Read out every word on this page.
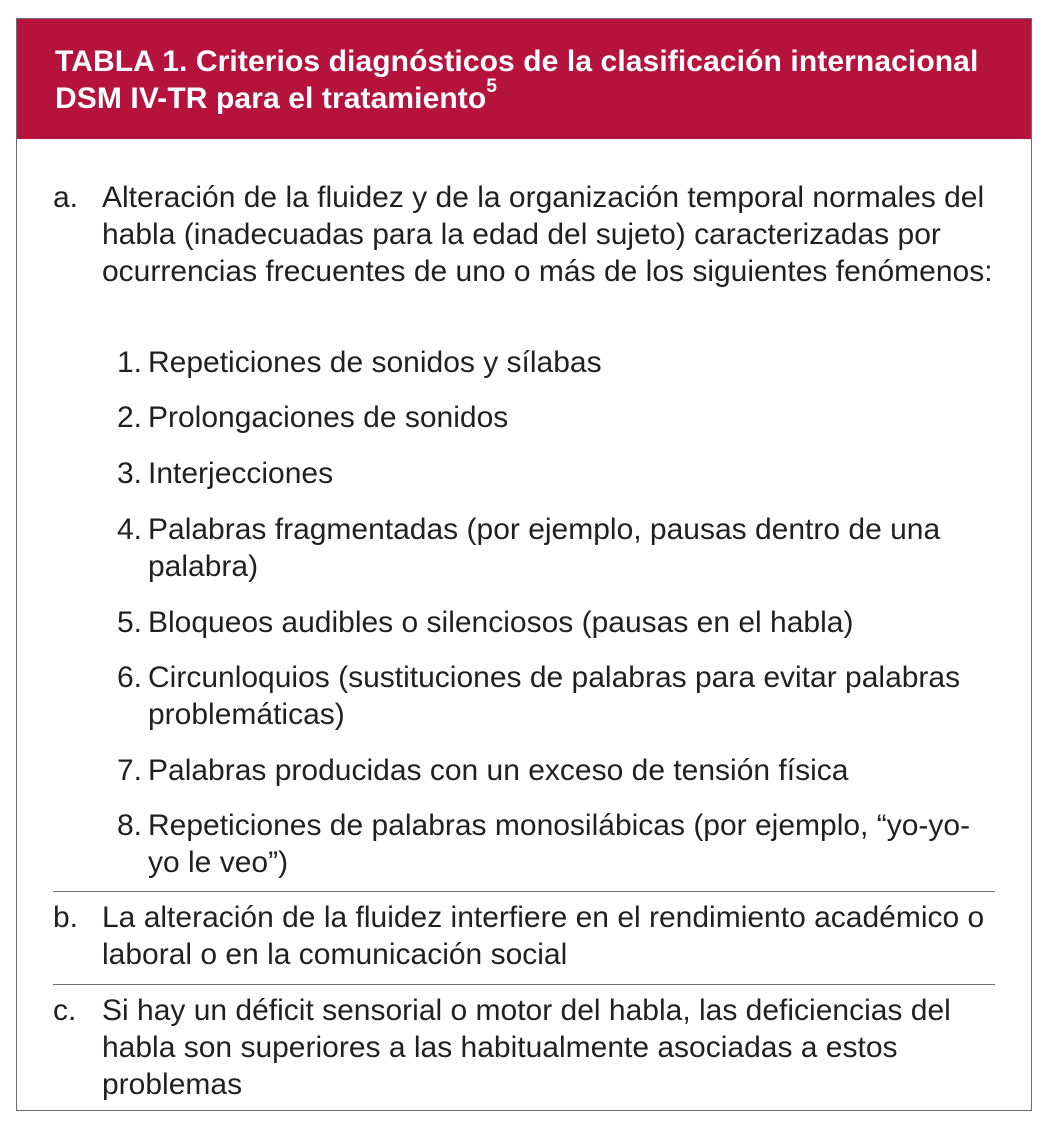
TABLA 1. Criterios diagnósticos de la clasificación internacional
DSM IV-TR para el tratamiento$^5$
a. Alteración de la fluidez y de la organización temporal normales del habla (inadecuadas para la edad del sujeto) caracterizadas por ocurrencias frecuentes de uno o más de los siguientes fenómenos:
1. Repeticiones de sonidos y sílabas
2. Prolongaciones de sonidos
3. Interjecciones
4. Palabras fragmentadas (por ejemplo, pausas dentro de una palabra)
5. Bloqueos audibles o silenciosos (pausas en el habla)
6. Circunloquios (sustituciones de palabras para evitar palabras problemáticas)
7. Palabras producidas con un exceso de tensión física
8. Repeticiones de palabras monosilábicas (por ejemplo, “yo-yo- yo le veo”)
b. La alteración de la fluidez interfiere en el rendimiento académico o laboral o en la comunicación social
c. Si hay un déficit sensorial o motor del habla, las deficiencias del habla son superiores a las habitualmente asociadas a estos problemas
